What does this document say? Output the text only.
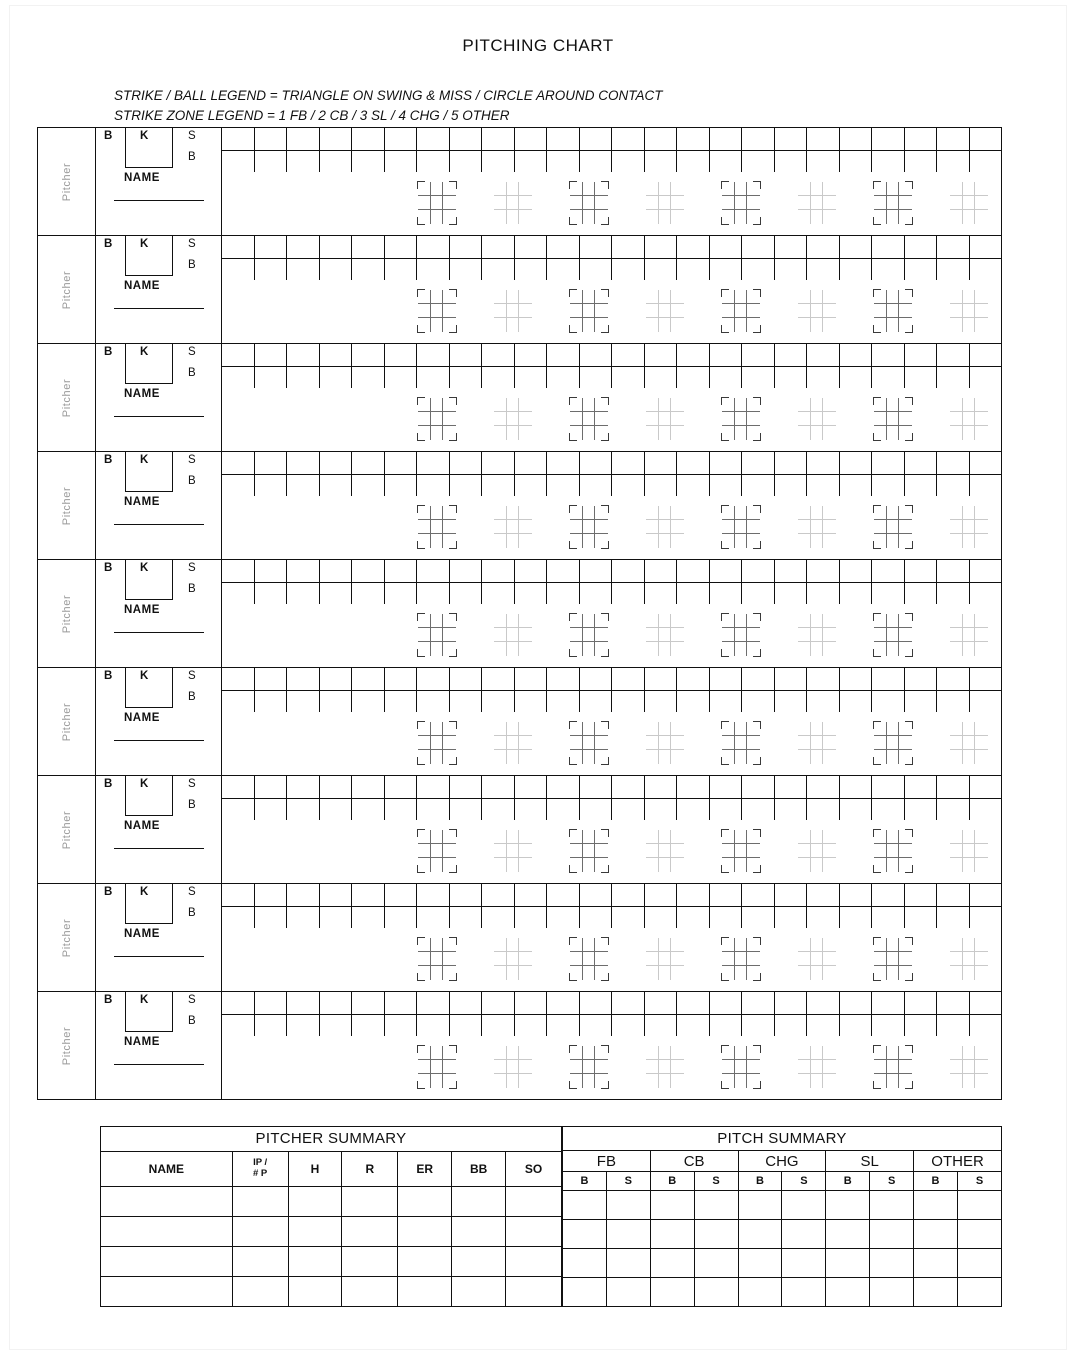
PITCHING CHART
STRIKE / BALL LEGEND = TRIANGLE ON SWING & MISS / CIRCLE AROUND CONTACT
STRIKE ZONE LEGEND = 1 FB / 2 CB / 3 SL / 4 CHG / 5 OTHER
Pitcher
B K	S
B
NAME
Pitcher
B K	S
B
NAME
Pitcher
B K	S
B
NAME
Pitcher
B K	S
B
NAME
Pitcher
B K	S
B
NAME
Pitcher
B K	S
B
NAME
Pitcher
B K	S
B
NAME
Pitcher
B K	S
B
NAME
Pitcher
B K	S
B
NAME
PITCHER SUMMARY						
NAME	IP /
# P	H	R	ER	BB	SO

PITCH SUMMARY									
FB		CB		CHG		SL		OTHER	
B	S	B	S	B	S	B	S	B	S
